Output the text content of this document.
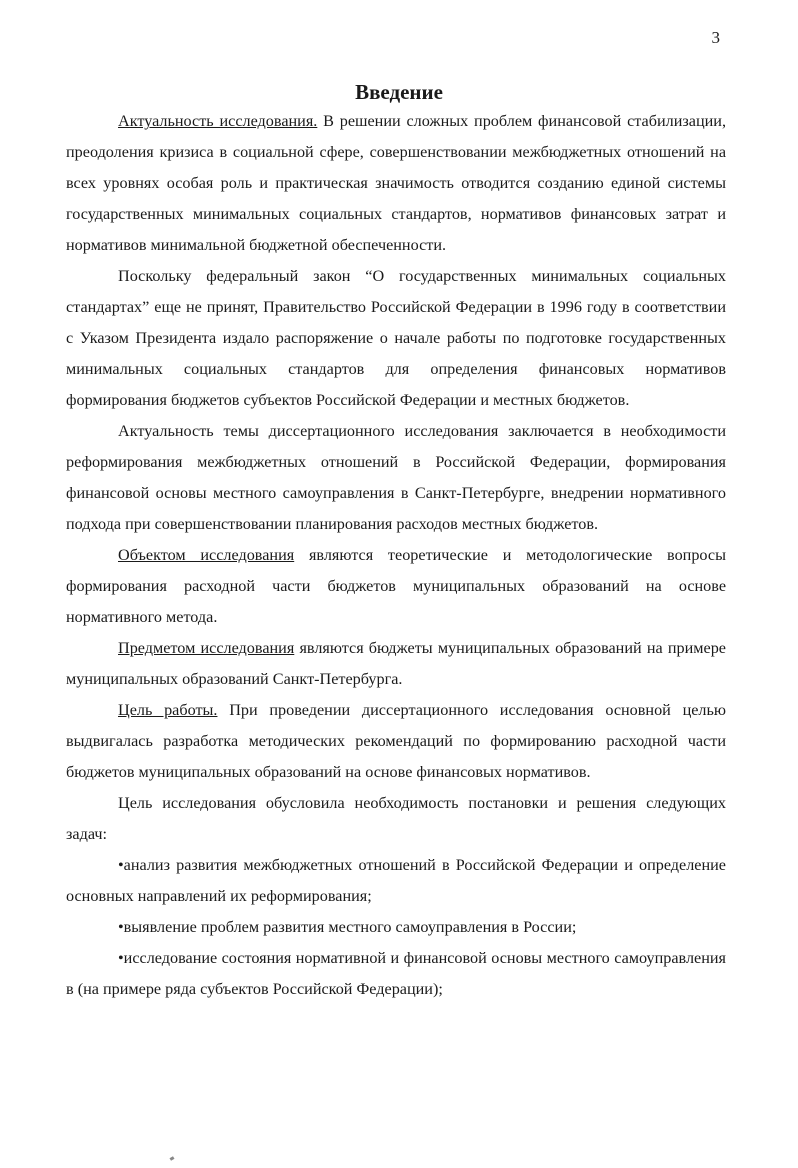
3
Введение

Актуальность исследования. В решении сложных проблем финансовой стабилизации, преодоления кризиса в социальной сфере, совершенствовании межбюджетных отношений на всех уровнях особая роль и практическая значимость отводится созданию единой системы государственных минимальных социальных стандартов, нормативов финансовых затрат и нормативов минимальной бюджетной обеспеченности.

Поскольку федеральный закон “О государственных минимальных социальных стандартах” еще не принят, Правительство Российской Федерации в 1996 году в соответствии с Указом Президента издало распоряжение о начале работы по подготовке государственных минимальных социальных стандартов для определения финансовых нормативов формирования бюджетов субъектов Российской Федерации и местных бюджетов.

Актуальность темы диссертационного исследования заключается в необходимости реформирования межбюджетных отношений в Российской Федерации, формирования финансовой основы местного самоуправления в Санкт-Петербурге, внедрении нормативного подхода при совершенствовании планирования расходов местных бюджетов.

Объектом исследования являются теоретические и методологические вопросы формирования расходной части бюджетов муниципальных образований на основе нормативного метода.

Предметом исследования являются бюджеты муниципальных образований на примере муниципальных образований Санкт-Петербурга.

Цель работы. При проведении диссертационного исследования основной целью выдвигалась разработка методических рекомендаций по формированию расходной части бюджетов муниципальных образований на основе финансовых нормативов.

Цель исследования обусловила необходимость постановки и решения следующих задач:

•анализ развития межбюджетных отношений в Российской Федерации и определение основных направлений их реформирования;

•выявление проблем развития местного самоуправления в России;

•исследование состояния нормативной и финансовой основы местного самоуправления в (на примере ряда субъектов Российской Федерации);
